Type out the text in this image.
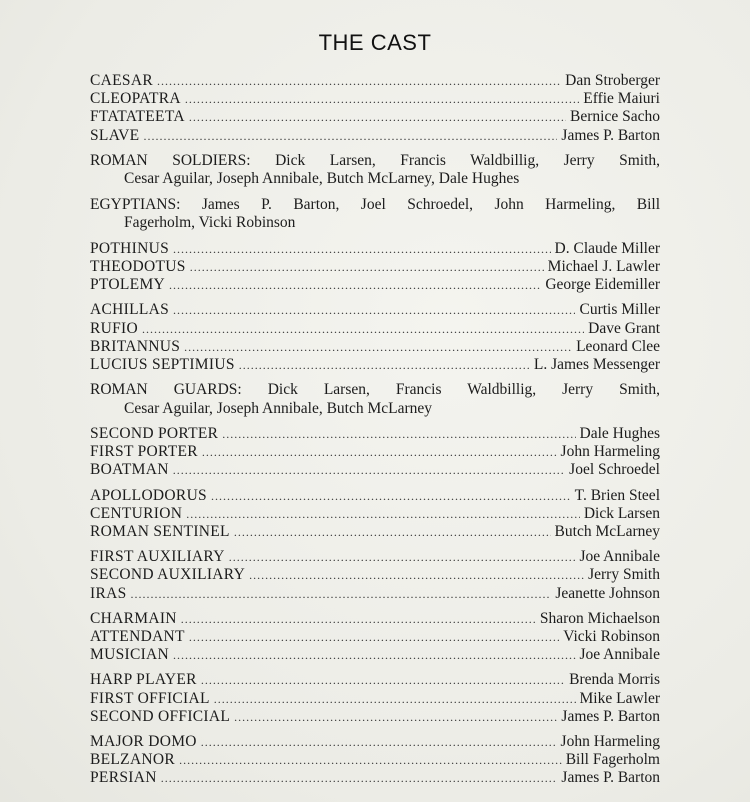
THE CAST
CAESAR .....	Dan Stroberger
CLEOPATRA .....	Effie Maiuri
FTATATEETA .....	Bernice Sacho
SLAVE .....	James P. Barton
ROMAN SOLDIERS: Dick Larsen, Francis Waldbillig, Jerry Smith,
Cesar Aguilar, Joseph Annibale, Butch McLarney, Dale Hughes
EGYPTIANS: James P. Barton, Joel Schroedel, John Harmeling, Bill
Fagerholm, Vicki Robinson
POTHINUS .....	D. Claude Miller
THEODOTUS .....	Michael J. Lawler
PTOLEMY .....	George Eidemiller
ACHILLAS .....	Curtis Miller
RUFIO .....	Dave Grant
BRITANNUS .....	Leonard Clee
LUCIUS SEPTIMIUS .....	L. James Messenger
ROMAN GUARDS: Dick Larsen, Francis Waldbillig, Jerry Smith,
Cesar Aguilar, Joseph Annibale, Butch McLarney
SECOND PORTER .....	Dale Hughes
FIRST PORTER .....	John Harmeling
BOATMAN .....	Joel Schroedel
APOLLODORUS .....	T. Brien Steel
CENTURION .....	Dick Larsen
ROMAN SENTINEL .....	Butch McLarney
FIRST AUXILIARY .....	Joe Annibale
SECOND AUXILIARY .....	Jerry Smith
IRAS .....	Jeanette Johnson
CHARMAIN .....	Sharon Michaelson
ATTENDANT .....	Vicki Robinson
MUSICIAN .....	Joe Annibale
HARP PLAYER .....	Brenda Morris
FIRST OFFICIAL .....	Mike Lawler
SECOND OFFICIAL .....	James P. Barton
MAJOR DOMO .....	John Harmeling
BELZANOR .....	Bill Fagerholm
PERSIAN .....	James P. Barton
